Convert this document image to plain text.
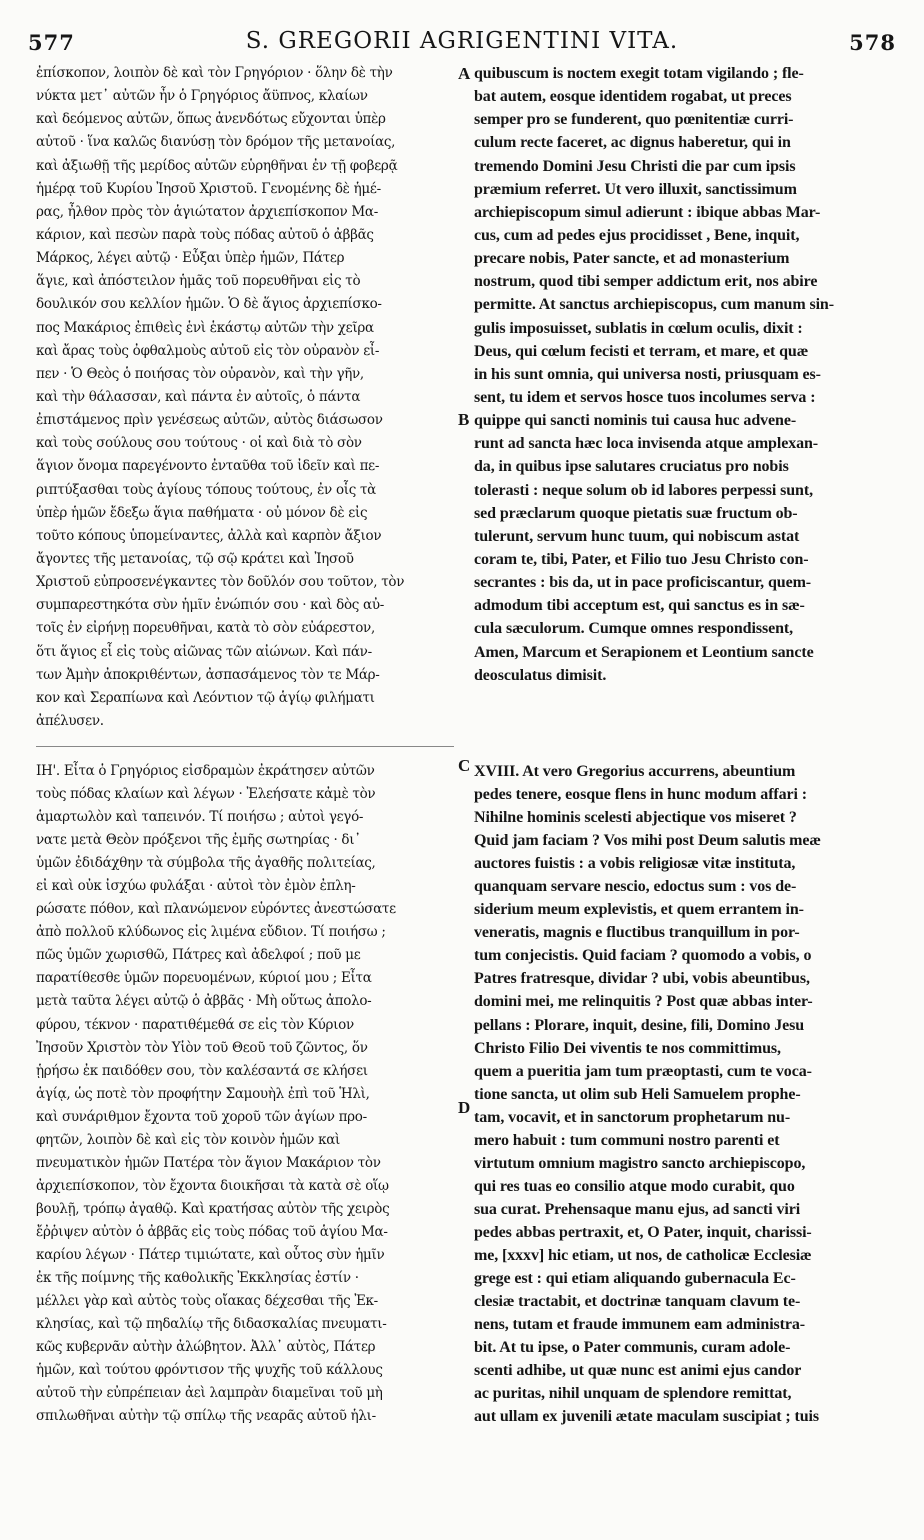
577	S. GREGORII AGRIGENTINI VITA.	578
ἐπίσκοπον, λοιπὸν δὲ καὶ τὸν Γρηγόριον · ὅλην δὲ τὴν
νύκτα μετ᾽ αὐτῶν ἦν ὁ Γρηγόριος ἄϋπνος, κλαίων
καὶ δεόμενος αὐτῶν, ὅπως ἀνενδότως εὔχονται ὑπὲρ
αὐτοῦ · ἵνα καλῶς διανύσῃ τὸν δρόμον τῆς μετανοίας,
καὶ ἀξιωθῇ τῆς μερίδος αὐτῶν εὑρηθῆναι ἐν τῇ φοβερᾷ
ἡμέρᾳ τοῦ Κυρίου Ἰησοῦ Χριστοῦ. Γενομένης δὲ ἡμέ-
ρας, ἦλθον πρὸς τὸν ἁγιώτατον ἀρχιεπίσκοπον Μα-
κάριον, καὶ πεσὼν παρὰ τοὺς πόδας αὐτοῦ ὁ ἀββᾶς
Μάρκος, λέγει αὐτῷ · Εὖξαι ὑπὲρ ἡμῶν, Πάτερ
ἅγιε, καὶ ἀπόστειλον ἡμᾶς τοῦ πορευθῆναι εἰς τὸ
δουλικόν σου κελλίον ἡμῶν. Ὁ δὲ ἅγιος ἀρχιεπίσκο-
πος Μακάριος ἐπιθεὶς ἑνὶ ἑκάστῳ αὐτῶν τὴν χεῖρα
καὶ ἄρας τοὺς ὀφθαλμοὺς αὐτοῦ εἰς τὸν οὐρανὸν εἶ-
πεν · Ὁ Θεὸς ὁ ποιήσας τὸν οὐρανὸν, καὶ τὴν γῆν,
καὶ τὴν θάλασσαν, καὶ πάντα ἐν αὐτοῖς, ὁ πάντα
ἐπιστάμενος πρὶν γενέσεως αὐτῶν, αὐτὸς διάσωσον
καὶ τοὺς σούλους σου τούτους · οἱ καὶ διὰ τὸ σὸν
ἅγιον ὄνομα παρεγένοντο ἐνταῦθα τοῦ ἰδεῖν καὶ πε-
ριπτύξασθαι τοὺς ἁγίους τόπους τούτους, ἐν οἷς τὰ
ὑπὲρ ἡμῶν ἔδεξω ἅγια παθήματα · οὐ μόνον δὲ εἰς
τοῦτο κόπους ὑπομείναντες, ἀλλὰ καὶ καρπὸν ἄξιον
ἄγοντες τῆς μετανοίας, τῷ σῷ κράτει καὶ Ἰησοῦ
Χριστοῦ εὐπροσενέγκαντες τὸν δοῦλόν σου τοῦτον, τὸν
συμπαρεστηκότα σὺν ἡμῖν ἐνώπιόν σου · καὶ δὸς αὐ-
τοῖς ἐν εἰρήνῃ πορευθῆναι, κατὰ τὸ σὸν εὐάρεστον,
ὅτι ἅγιος εἶ εἰς τοὺς αἰῶνας τῶν αἰώνων. Καὶ πάν-
των Ἀμὴν ἀποκριθέντων, ἀσπασάμενος τὸν τε Μάρ-
κον καὶ Σεραπίωνα καὶ Λεόντιον τῷ ἁγίῳ φιλήματι
ἀπέλυσεν.
quibuscum is noctem exegit totam vigilando ; fle-
bat autem, eosque identidem rogabat, ut preces
semper pro se funderent, quo pœnitentiæ curri-
culum recte faceret, ac dignus haberetur, qui in
tremendo Domini Jesu Christi die par cum ipsis
præmium referret. Ut vero illuxit, sanctissimum
archiepiscopum simul adierunt : ibique abbas Mar-
cus, cum ad pedes ejus procidisset , Bene, inquit,
precare nobis, Pater sancte, et ad monasterium
nostrum, quod tibi semper addictum erit, nos abire
permitte. At sanctus archiepiscopus, cum manum sin-
gulis imposuisset, sublatis in cœlum oculis, dixit :
Deus, qui cœlum fecisti et terram, et mare, et quæ
in his sunt omnia, qui universa nosti, priusquam es-
sent, tu idem et servos hosce tuos incolumes serva :
quippe qui sancti nominis tui causa huc advene-
runt ad sancta hæc loca invisenda atque amplexan-
da, in quibus ipse salutares cruciatus pro nobis
tolerasti : neque solum ob id labores perpessi sunt,
sed præclarum quoque pietatis suæ fructum ob-
tulerunt, servum hunc tuum, qui nobiscum astat
coram te, tibi, Pater, et Filio tuo Jesu Christo con-
secrantes : bis da, ut in pace proficiscantur, quem-
admodum tibi acceptum est, qui sanctus es in sæ-
cula sæculorum. Cumque omnes respondissent,
Amen, Marcum et Serapionem et Leontium sancte
deosculatus dimisit.
ΙΗ'. Εἶτα ὁ Γρηγόριος εἰσδραμὼν ἐκράτησεν αὐτῶν
τοὺς πόδας κλαίων καὶ λέγων · Ἐλεήσατε κἀμὲ τὸν
ἁμαρτωλὸν καὶ ταπεινόν. Τί ποιήσω ; αὐτοὶ γεγό-
νατε μετὰ Θεὸν πρόξενοι τῆς ἐμῆς σωτηρίας · δι᾽
ὑμῶν ἐδιδάχθην τὰ σύμβολα τῆς ἀγαθῆς πολιτείας,
εἰ καὶ οὐκ ἰσχύω φυλάξαι · αὐτοὶ τὸν ἐμὸν ἐπλη-
ρώσατε πόθον, καὶ πλανώμενον εὑρόντες ἀνεστώσατε
ἀπὸ πολλοῦ κλύδωνος εἰς λιμένα εὔδιον. Τί ποιήσω ;
πῶς ὑμῶν χωρισθῶ, Πάτρες καὶ ἀδελφοί ; ποῦ με
παρατίθεσθε ὑμῶν πορευομένων, κύριοί μου ; Εἶτα
μετὰ ταῦτα λέγει αὐτῷ ὁ ἀββᾶς · Μὴ οὕτως ἀπολο-
φύρου, τέκνον · παρατιθέμεθά σε εἰς τὸν Κύριον
Ἰησοῦν Χριστὸν τὸν Υἱὸν τοῦ Θεοῦ τοῦ ζῶντος, ὅν
ᾑρήσω ἐκ παιδόθεν σου, τὸν καλέσαντά σε κλήσει
ἁγίᾳ, ὡς ποτὲ τὸν προφήτην Σαμουὴλ ἐπὶ τοῦ Ἡλὶ,
καὶ συνάριθμον ἔχοντα τοῦ χοροῦ τῶν ἁγίων προ-
φητῶν, λοιπὸν δὲ καὶ εἰς τὸν κοινὸν ἡμῶν καὶ
πνευματικὸν ἡμῶν Πατέρα τὸν ἅγιον Μακάριον τὸν
ἀρχιεπίσκοπον, τὸν ἔχοντα διοικῆσαι τὰ κατὰ σὲ οἵῳ
βουλῇ, τρόπῳ ἀγαθῷ. Καὶ κρατήσας αὐτὸν τῆς χειρὸς
ἔῤῥιψεν αὐτὸν ὁ ἀββᾶς εἰς τοὺς πόδας τοῦ ἁγίου Μα-
καρίου λέγων · Πάτερ τιμιώτατε, καὶ οὗτος σὺν ἡμῖν
ἐκ τῆς ποίμνης τῆς καθολικῆς Ἐκκλησίας ἐστίν ·
μέλλει γὰρ καὶ αὐτὸς τοὺς οἴακας δέχεσθαι τῆς Ἐκ-
κλησίας, καὶ τῷ πηδαλίῳ τῆς διδασκαλίας πνευματι-
κῶς κυβερνᾶν αὐτὴν ἀλώβητον. Ἀλλ᾽ αὐτὸς, Πάτερ
ἡμῶν, καὶ τούτου φρόντισον τῆς ψυχῆς τοῦ κάλλους
αὐτοῦ τὴν εὐπρέπειαν ἀεὶ λαμπρὰν διαμεῖναι τοῦ μὴ
σπιλωθῆναι αὐτὴν τῷ σπίλῳ τῆς νεαρᾶς αὐτοῦ ἡλι-
XVIII. At vero Gregorius accurrens, abeuntium
pedes tenere, eosque flens in hunc modum affari :
Nihilne hominis scelesti abjectique vos miseret ?
Quid jam faciam ? Vos mihi post Deum salutis meæ
auctores fuistis : a vobis religiosæ vitæ instituta,
quanquam servare nescio, edoctus sum : vos de-
siderium meum explevistis, et quem errantem in-
veneratis, magnis e fluctibus tranquillum in por-
tum conjecistis. Quid faciam ? quomodo a vobis, o
Patres fratresque, dividar ? ubi, vobis abeuntibus,
domini mei, me relinquitis ? Post quæ abbas inter-
pellans : Plorare, inquit, desine, fili, Domino Jesu
Christo Filio Dei viventis te nos committimus,
quem a pueritia jam tum præoptasti, cum te voca-
tione sancta, ut olim sub Heli Samuelem prophe-
tam, vocavit, et in sanctorum prophetarum nu-
mero habuit : tum communi nostro parenti et
virtutum omnium magistro sancto archiepiscopo,
qui res tuas eo consilio atque modo curabit, quo
sua curat. Prehensaque manu ejus, ad sancti viri
pedes abbas pertraxit, et, O Pater, inquit, charissi-
me, [xxxv] hic etiam, ut nos, de catholicæ Ecclesiæ
grege est : qui etiam aliquando gubernacula Ec-
clesiæ tractabit, et doctrinæ tanquam clavum te-
nens, tutam et fraude immunem eam administra-
bit. At tu ipse, o Pater communis, curam adole-
scenti adhibe, ut quæ nunc est animi ejus candor
ac puritas, nihil unquam de splendore remittat,
aut ullam ex juvenili ætate maculam suscipiat ; tuis
A
B
C
D
